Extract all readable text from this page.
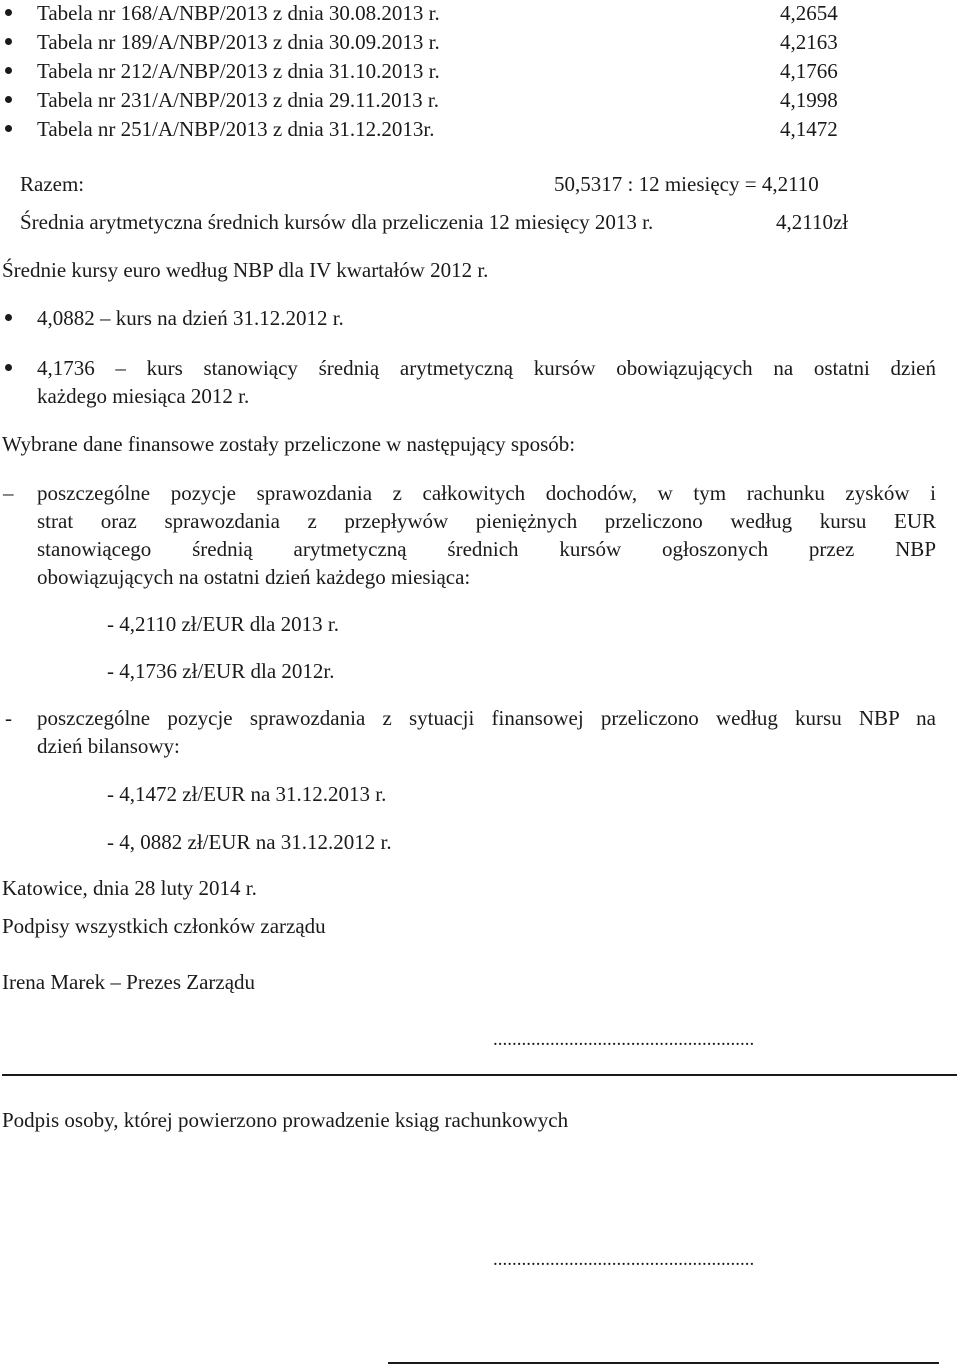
Tabela nr 168/A/NBP/2013 z dnia 30.08.2013 r.	4,2654
Tabela nr 189/A/NBP/2013 z dnia 30.09.2013 r.	4,2163
Tabela nr 212/A/NBP/2013 z dnia 31.10.2013 r.	4,1766
Tabela nr 231/A/NBP/2013 z dnia 29.11.2013 r.	4,1998
Tabela nr 251/A/NBP/2013 z dnia 31.12.2013r.	4,1472
Razem:	50,5317 : 12 miesięcy = 4,2110
Średnia arytmetyczna średnich kursów dla przeliczenia 12 miesięcy 2013 r.	4,2110zł
Średnie kursy euro według NBP dla IV kwartałów 2012 r.
4,0882 – kurs na dzień 31.12.2012 r.
4,1736 – kurs stanowiący średnią arytmetyczną kursów obowiązujących na ostatni dzień
każdego miesiąca 2012 r.
Wybrane dane finansowe zostały przeliczone w następujący sposób:
– poszczególne pozycje sprawozdania z całkowitych dochodów, w tym rachunku zysków i
strat oraz sprawozdania z przepływów pieniężnych przeliczono według kursu EUR
stanowiącego średnią arytmetyczną średnich kursów ogłoszonych przez NBP
obowiązujących na ostatni dzień każdego miesiąca:
- 4,2110 zł/EUR dla 2013 r.
- 4,1736 zł/EUR dla 2012r.
- poszczególne pozycje sprawozdania z sytuacji finansowej przeliczono według kursu NBP na
dzień bilansowy:
- 4,1472 zł/EUR na 31.12.2013 r.
- 4, 0882 zł/EUR na 31.12.2012 r.
Katowice, dnia 28 luty 2014 r.
Podpisy wszystkich członków zarządu
Irena Marek – Prezes Zarządu
.......................................................
Podpis osoby, której powierzono prowadzenie ksiąg rachunkowych
.......................................................
